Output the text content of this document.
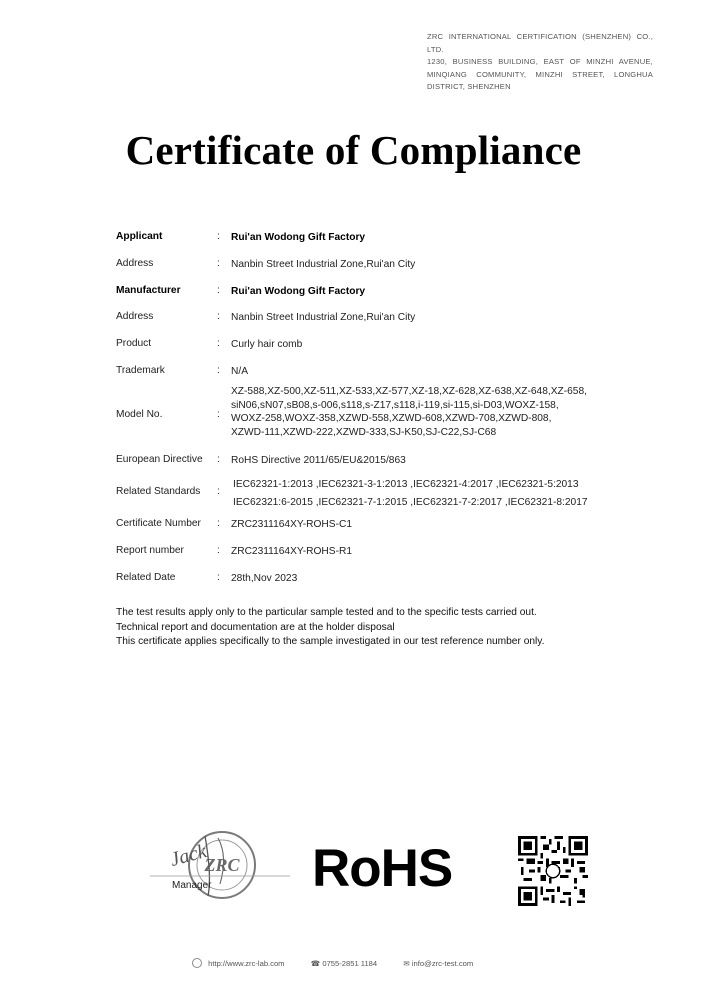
ZRC INTERNATIONAL CERTIFICATION (SHENZHEN) CO., LTD.
1230, BUSINESS BUILDING, EAST OF MINZHI AVENUE,
MINQIANG COMMUNITY, MINZHI STREET, LONGHUA
DISTRICT, SHENZHEN
Certificate of Compliance
Applicant	: Rui'an Wodong Gift Factory
Address	: Nanbin Street Industrial Zone,Rui'an City
Manufacturer	: Rui'an Wodong Gift Factory
Address	: Nanbin Street Industrial Zone,Rui'an City
Product	: Curly hair comb
Trademark	: N/A
Model No.	:
XZ-588,XZ-500,XZ-511,XZ-533,XZ-577,XZ-18,XZ-628,XZ-638,XZ-648,XZ-658,
siN06,sN07,sB08,s-006,s118,s-Z17,s118,i-119,si-115,si-D03,WOXZ-158,
WOXZ-258,WOXZ-358,XZWD-558,XZWD-608,XZWD-708,XZWD-808,
XZWD-111,XZWD-222,XZWD-333,SJ-K50,SJ-C22,SJ-C68
European Directive : RoHS Directive 2011/65/EU&2015/863
Related Standards :
IEC62321-1:2013 ,IEC62321-3-1:2013 ,IEC62321-4:2017 ,IEC62321-5:2013
IEC62321:6-2015 ,IEC62321-7-1:2015 ,IEC62321-7-2:2017 ,IEC62321-8:2017
Certificate Number : ZRC2311164XY-ROHS-C1
Report number	: ZRC2311164XY-ROHS-R1
Related Date	: 28th,Nov 2023
The test results apply only to the particular sample tested and to the specific tests carried out.
Technical report and documentation are at the holder disposal
This certificate applies specifically to the sample investigated in our test reference number only.
ZRC
Jack
Manager RoHS
http://www.zrc-lab.com	☎ 0755-2851 1184	✉ info@zrc-test.com
